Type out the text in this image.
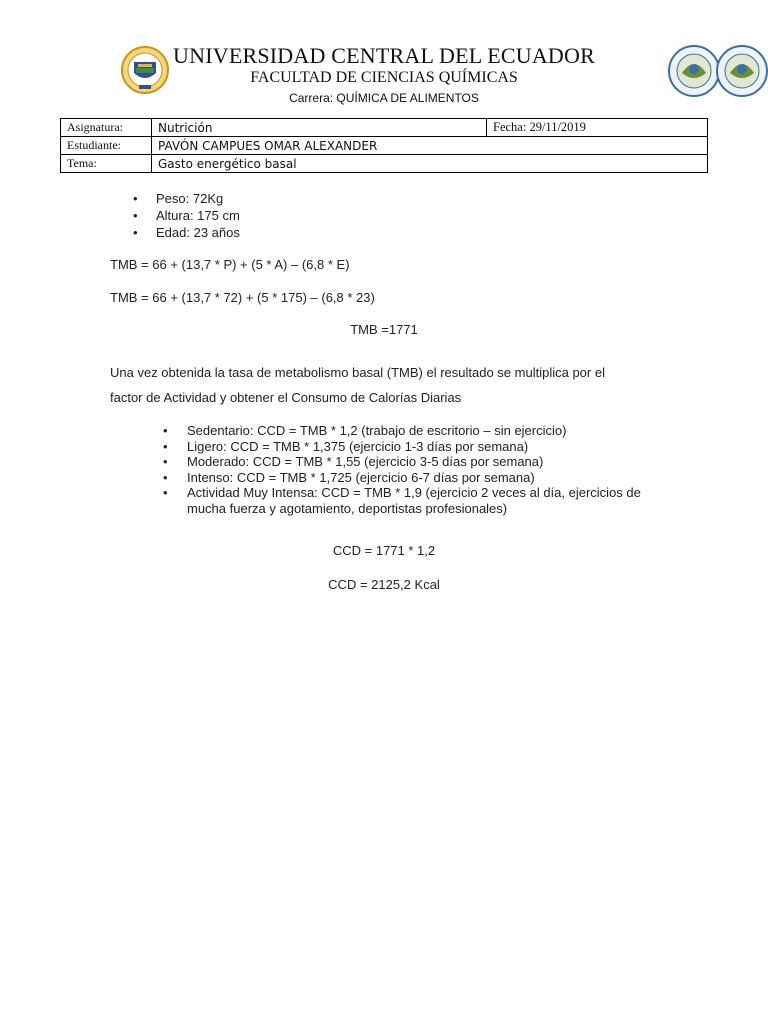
UNIVERSIDAD CENTRAL DEL ECUADOR
FACULTAD DE CIENCIAS QUÍMICAS
Carrera: QUÍMICA DE ALIMENTOS
Asignatura:	Nutrición	Fecha: 29/11/2019
Estudiante:	PAVÓN CAMPUES OMAR ALEXANDER	
Tema:	Gasto energético basal	
• Peso: 72Kg
• Altura: 175 cm
• Edad: 23 años
TMB = 66 + (13,7 * P) + (5 * A) – (6,8 * E)
TMB = 66 + (13,7 * 72) + (5 * 175) – (6,8 * 23)
TMB =1771
Una vez obtenida la tasa de metabolismo basal (TMB) el resultado se multiplica por el
factor de Actividad y obtener el Consumo de Calorías Diarias
• Sedentario: CCD = TMB * 1,2 (trabajo de escritorio – sin ejercicio)
• Ligero: CCD = TMB * 1,375 (ejercicio 1-3 días por semana)
• Moderado: CCD = TMB * 1,55 (ejercicio 3-5 días por semana)
• Intenso: CCD = TMB * 1,725 (ejercicio 6-7 días por semana)
• Actividad Muy Intensa: CCD = TMB * 1,9 (ejercicio 2 veces al día, ejercicios de mucha fuerza y agotamiento, deportistas profesionales)
CCD = 1771 * 1,2
CCD = 2125,2 Kcal
